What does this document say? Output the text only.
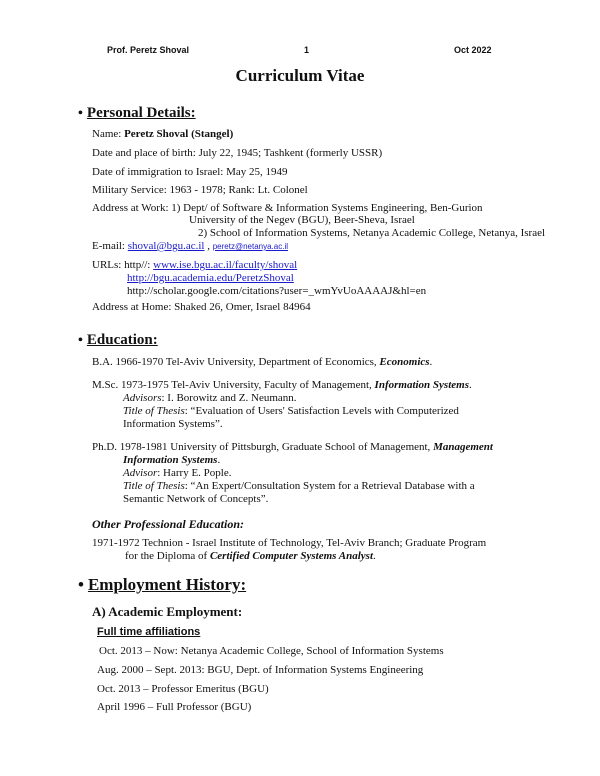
Prof. Peretz Shoval	1	Oct 2022
Curriculum Vitae
• Personal Details:
Name: Peretz Shoval (Stangel)
Date and place of birth: July 22, 1945; Tashkent (formerly USSR)
Date of immigration to Israel: May 25, 1949
Military Service: 1963 - 1978; Rank: Lt. Colonel
Address at Work: 1) Dept/ of Software & Information Systems Engineering, Ben-Gurion
University of the Negev (BGU), Beer-Sheva, Israel
2) School of Information Systems, Netanya Academic College, Netanya, Israel
E-mail: shoval@bgu.ac.il , peretz@netanya.ac.il
URLs: http//: www.ise.bgu.ac.il/faculty/shoval
http://bgu.academia.edu/PeretzShoval
http://scholar.google.com/citations?user=_wmYvUoAAAAJ&hl=en
Address at Home: Shaked 26, Omer, Israel 84964
• Education:
B.A. 1966-1970 Tel-Aviv University, Department of Economics, Economics.
M.Sc. 1973-1975 Tel-Aviv University, Faculty of Management, Information Systems.
Advisors: I. Borowitz and Z. Neumann.
Title of Thesis: “Evaluation of Users' Satisfaction Levels with Computerized
Information Systems”.
Ph.D. 1978-1981 University of Pittsburgh, Graduate School of Management, Management
Information Systems.
Advisor: Harry E. Pople.
Title of Thesis: “An Expert/Consultation System for a Retrieval Database with a
Semantic Network of Concepts”.
Other Professional Education:
1971-1972 Technion - Israel Institute of Technology, Tel-Aviv Branch; Graduate Program
for the Diploma of Certified Computer Systems Analyst.
• Employment History:
A) Academic Employment:
Full time affiliations
Oct. 2013 – Now: Netanya Academic College, School of Information Systems
Aug. 2000 – Sept. 2013: BGU, Dept. of Information Systems Engineering
Oct. 2013 – Professor Emeritus (BGU)
April 1996 – Full Professor (BGU)
